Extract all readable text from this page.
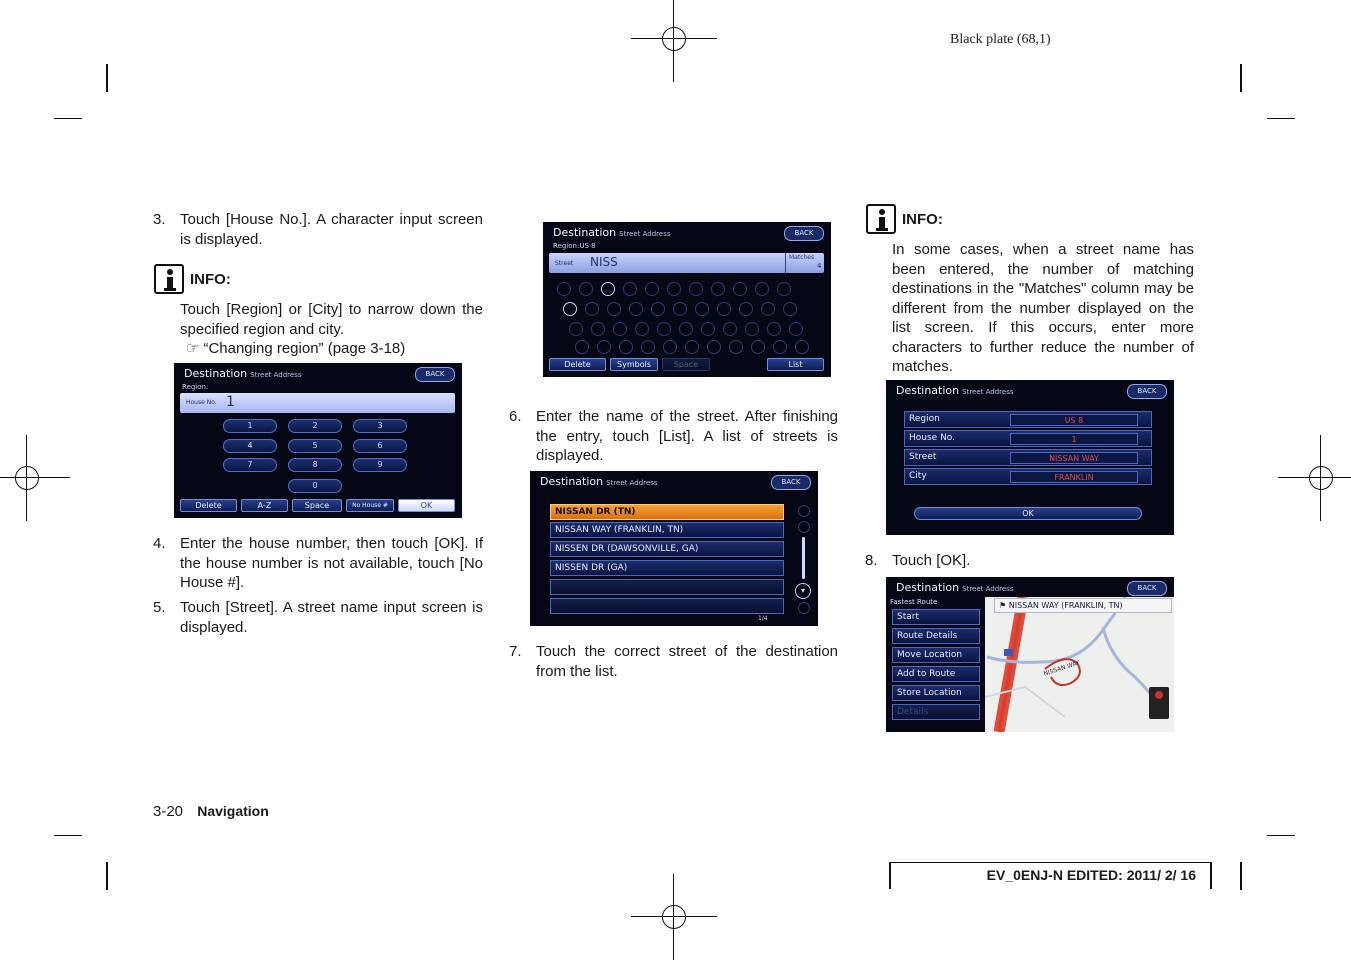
Black plate (68,1)
3. Touch [House No.]. A character input screen is displayed.
INFO:
Touch [Region] or [City] to narrow down the specified region and city.
☞ “Changing region” (page 3-18)
Destination Street Address	BACK
Region:
House No. 1
1	2	3
4	5	6
7	8	9
0
Delete	A-Z	Space	No House #	OK
4. Enter the house number, then touch [OK]. If the house number is not available, touch [No House #].
5. Touch [Street]. A street name input screen is displayed.
Destination Street Address	BACK
Region:US 8
Street NISS	Matches
4
Delete	Symbols	Space	List
6. Enter the name of the street. After finishing the entry, touch [List]. A list of streets is displayed.
Destination Street Address	BACK
NISSAN DR (TN)
NISSAN WAY (FRANKLIN, TN)
NISSEN DR (DAWSONVILLE, GA)
NISSEN DR (GA)
▾
1/4
7. Touch the correct street of the destination from the list.
INFO:
In some cases, when a street name has been entered, the number of matching destinations in the "Matches" column may be different from the number displayed on the list screen. If this occurs, enter more characters to further reduce the number of matches.
Destination Street Address	BACK
Region	US 8
House No.	1
Street	NISSAN WAY
City	FRANKLIN
OK
8. Touch [OK].
Destination Street Address	BACK
Fastest Route
Start
Route Details
Move Location
Add to Route
Store Location
Details
⚑ NISSAN WAY (FRANKLIN, TN)
NISSAN WAY
3-20 Navigation
EV_0ENJ-N EDITED: 2011/ 2/ 16
